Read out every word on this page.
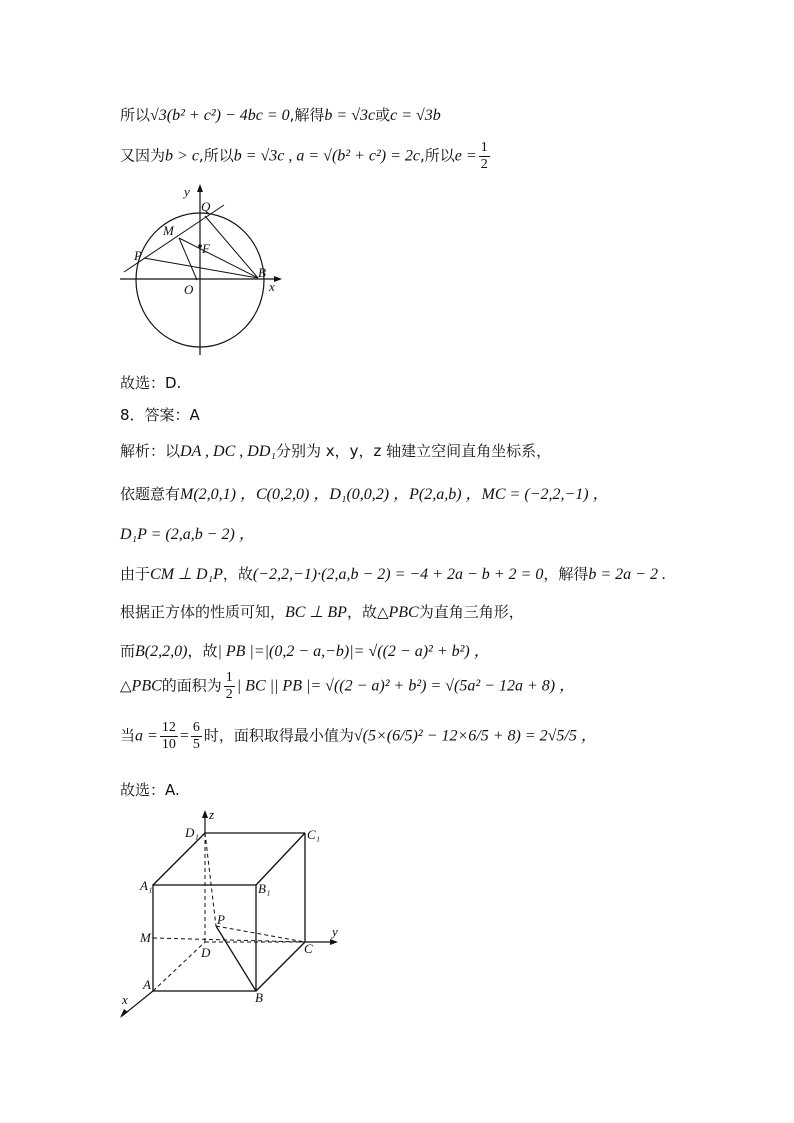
所以√3(b² + c²) − 4bc = 0,解得b = √3c或c = √3b
又因为b > c,所以b = √3c , a = √(b² + c²) = 2c,所以$e = \frac{1}{2}$
y
x
Q
M
F
P
O
B
故选：D.
8．答案：A
解析：以DA , DC , DD₁分别为 x，y，z 轴建立空间直角坐标系，
依题意有M(2,0,1) ，C(0,2,0) ，D₁(0,0,2) ，P(2,a,b) ，MC = (−2,2,−1) ，
D₁P = (2,a,b − 2) ，
由于CM ⊥ D₁P，故(−2,2,−1)·(2,a,b − 2) = −4 + 2a − b + 2 = 0，解得b = 2a − 2 .
根据正方体的性质可知，BC ⊥ BP，故△PBC为直角三角形，
而B(2,2,0)，故| PB |=|(0,2 − a,−b)|= √((2 − a)² + b²) ，
△PBC的面积为 $\frac{1}{2}$ | BC || PB |= √((2 − a)² + b²) = √(5a² − 12a + 8) ，
当$a = \frac{12}{10} = \frac{6}{5}$ 时，面积取得最小值为√(5×(6/5)² − 12×6/5 + 8) = 2√5/5 ，
故选：A.
z
D₁	C₁
A₁	B₁
P
M
D
y
C
A
B
x
